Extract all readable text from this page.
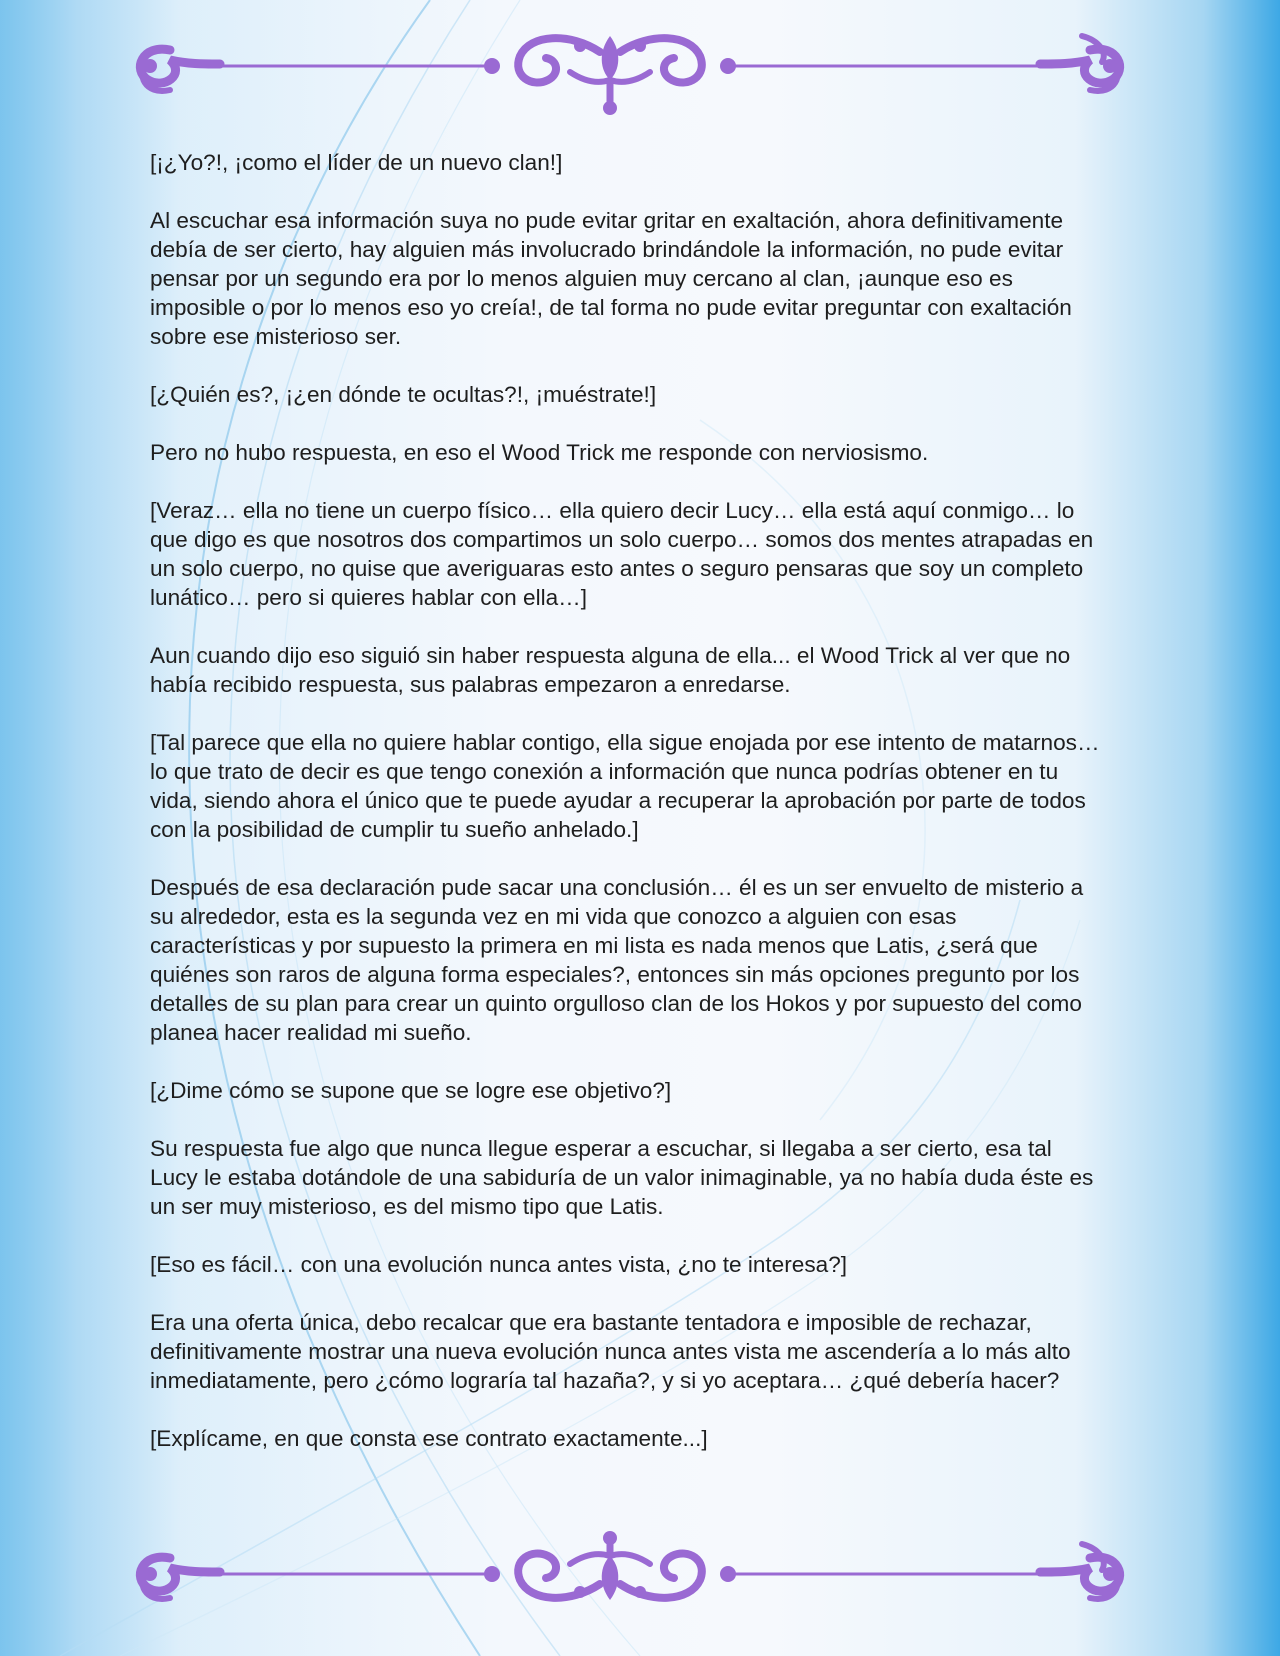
[¡¿Yo?!, ¡como el líder de un nuevo clan!]

Al escuchar esa información suya no pude evitar gritar en exaltación, ahora definitivamente debía de ser cierto, hay alguien más involucrado brindándole la información, no pude evitar pensar por un segundo era por lo menos alguien muy cercano al clan, ¡aunque eso es imposible o por lo menos eso yo creía!, de tal forma no pude evitar preguntar con exaltación sobre ese misterioso ser.

[¿Quién es?, ¡¿en dónde te ocultas?!, ¡muéstrate!]

Pero no hubo respuesta, en eso el Wood Trick me responde con nerviosismo.

[Veraz… ella no tiene un cuerpo físico… ella quiero decir Lucy… ella está aquí conmigo… lo que digo es que nosotros dos compartimos un solo cuerpo… somos dos mentes atrapadas en un solo cuerpo, no quise que averiguaras esto antes o seguro pensaras que soy un completo lunático… pero si quieres hablar con ella…]

Aun cuando dijo eso siguió sin haber respuesta alguna de ella... el Wood Trick al ver que no había recibido respuesta, sus palabras empezaron a enredarse.

[Tal parece que ella no quiere hablar contigo, ella sigue enojada por ese intento de matarnos… lo que trato de decir es que tengo conexión a información que nunca podrías obtener en tu vida, siendo ahora el único que te puede ayudar a recuperar la aprobación por parte de todos con la posibilidad de cumplir tu sueño anhelado.]

Después de esa declaración pude sacar una conclusión… él es un ser envuelto de misterio a su alrededor, esta es la segunda vez en mi vida que conozco a alguien con esas características y por supuesto la primera en mi lista es nada menos que Latis, ¿será que quiénes son raros de alguna forma especiales?, entonces sin más opciones pregunto por los detalles de su plan para crear un quinto orgulloso clan de los Hokos y por supuesto del como planea hacer realidad mi sueño.

[¿Dime cómo se supone que se logre ese objetivo?]

Su respuesta fue algo que nunca llegue esperar a escuchar, si llegaba a ser cierto, esa tal Lucy le estaba dotándole de una sabiduría de un valor inimaginable, ya no había duda éste es un ser muy misterioso, es del mismo tipo que Latis.

[Eso es fácil… con una evolución nunca antes vista, ¿no te interesa?]

Era una oferta única, debo recalcar que era bastante tentadora e imposible de rechazar, definitivamente mostrar una nueva evolución nunca antes vista me ascendería a lo más alto inmediatamente, pero ¿cómo lograría tal hazaña?, y si yo aceptara… ¿qué debería hacer?

[Explícame, en que consta ese contrato exactamente...]
